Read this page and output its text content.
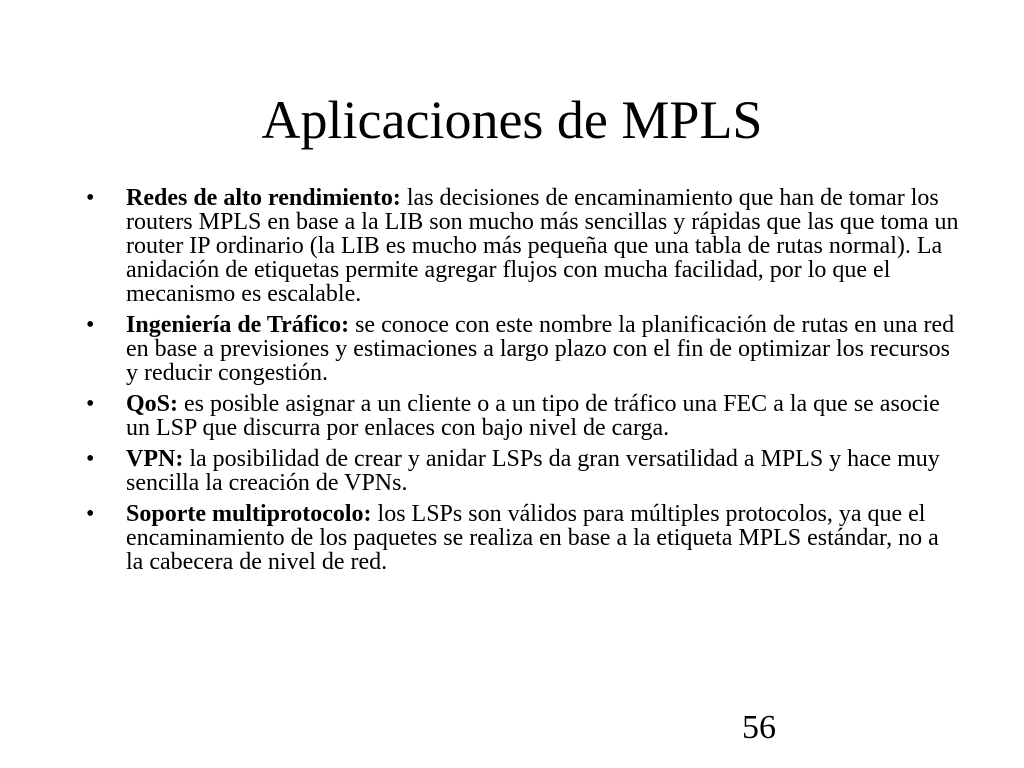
Aplicaciones de MPLS
• Redes de alto rendimiento: las decisiones de encaminamiento que han de tomar los routers MPLS en base a la LIB son mucho más sencillas y rápidas que las que toma un router IP ordinario (la LIB es mucho más pequeña que una tabla de rutas normal). La anidación de etiquetas permite agregar flujos con mucha facilidad, por lo que el mecanismo es escalable.
• Ingeniería de Tráfico: se conoce con este nombre la planificación de rutas en una red en base a previsiones y estimaciones a largo plazo con el fin de optimizar los recursos y reducir congestión.
• QoS: es posible asignar a un cliente o a un tipo de tráfico una FEC a la que se asocie un LSP que discurra por enlaces con bajo nivel de carga.
• VPN: la posibilidad de crear y anidar LSPs da gran versatilidad a MPLS y hace muy sencilla la creación de VPNs.
• Soporte multiprotocolo: los LSPs son válidos para múltiples protocolos, ya que el encaminamiento de los paquetes se realiza en base a la etiqueta MPLS estándar, no a la cabecera de nivel de red.
56
